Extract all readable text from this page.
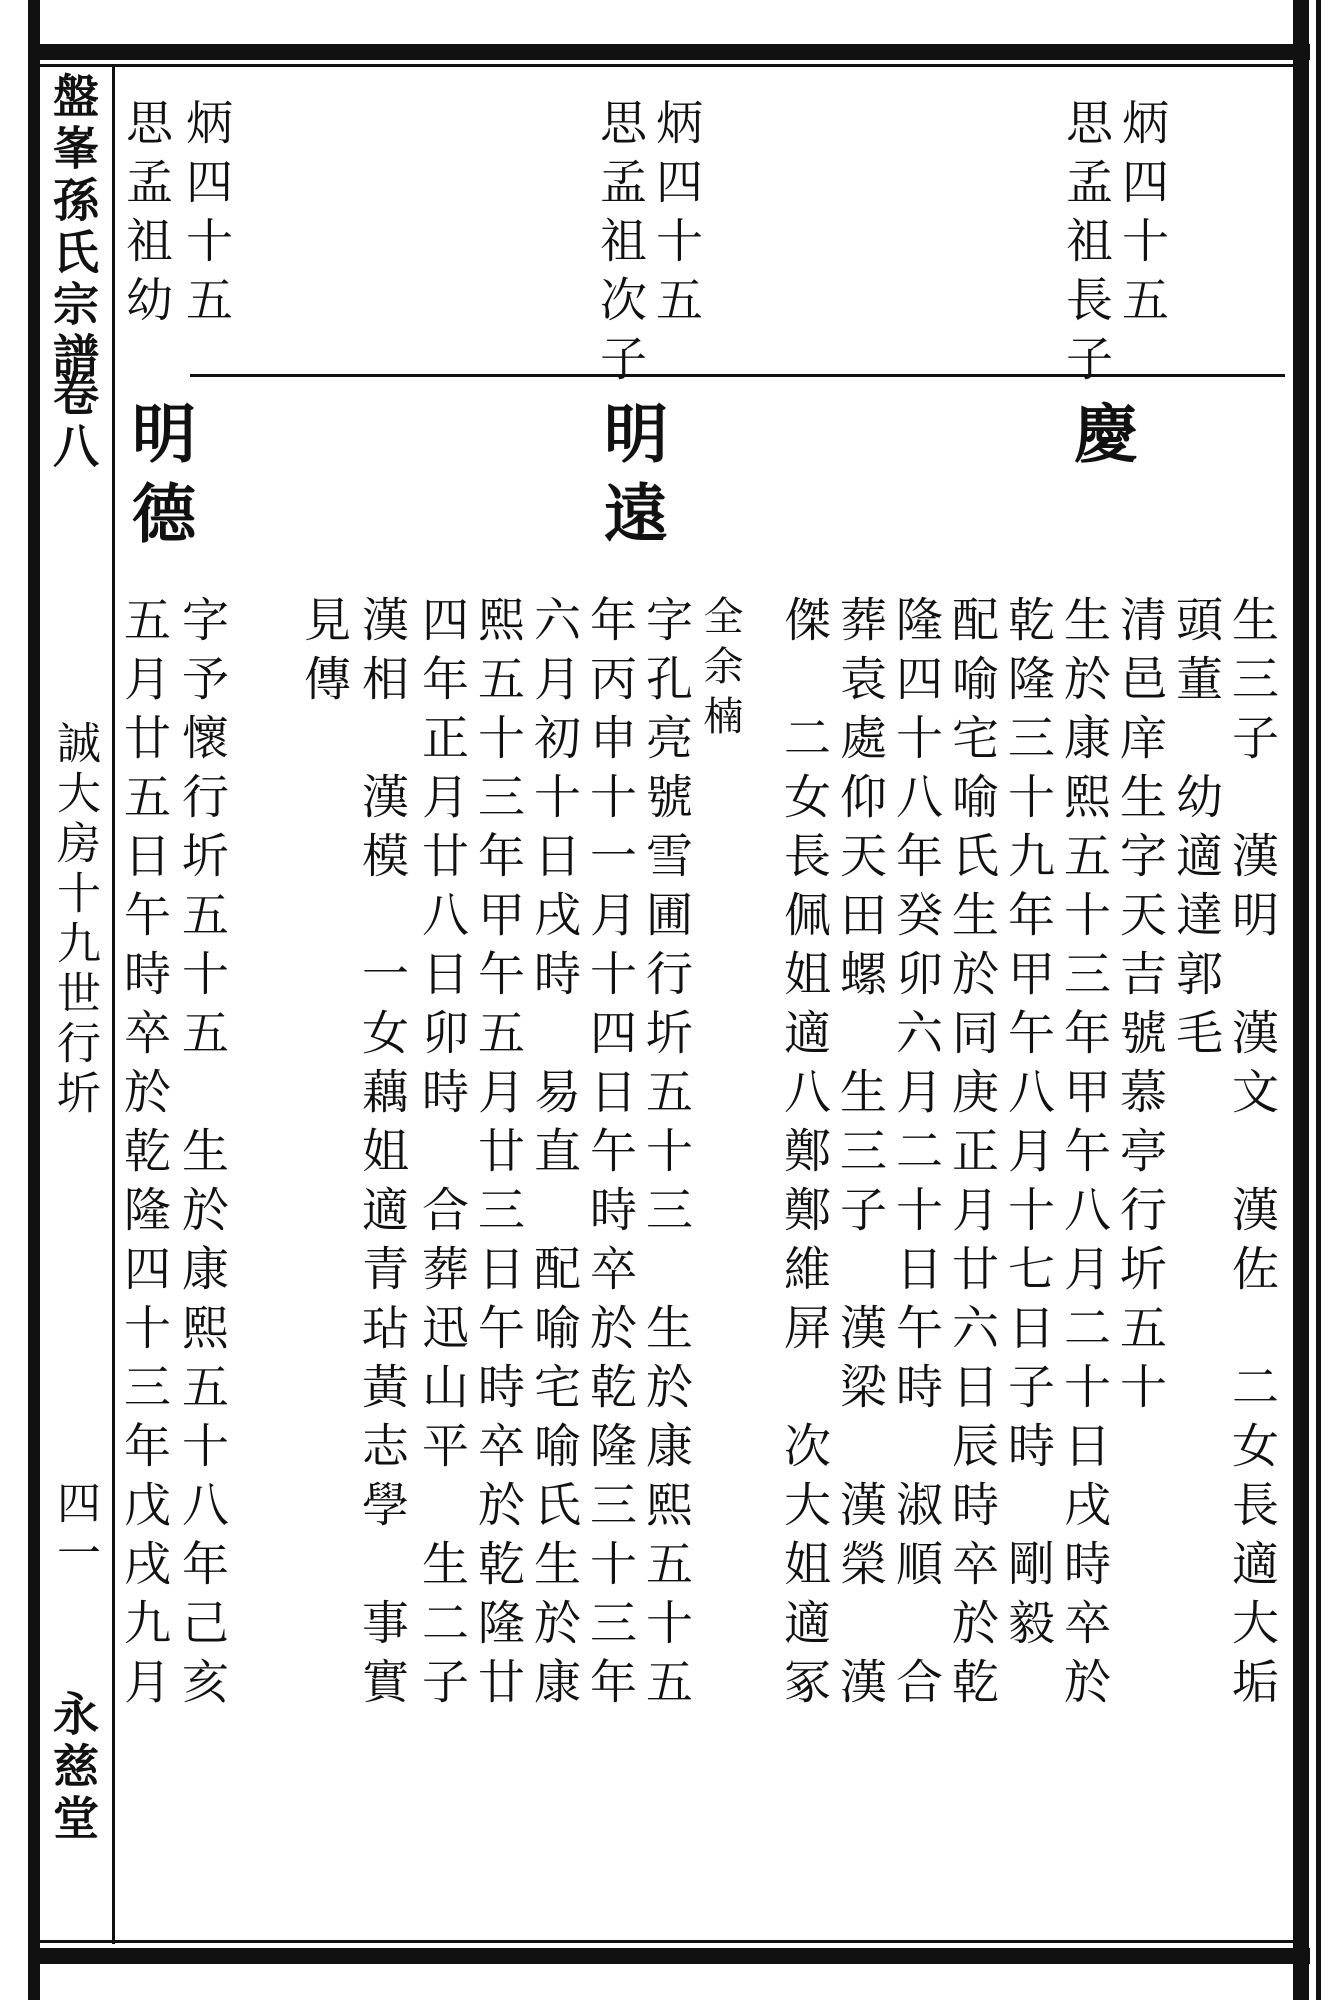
盤峯孫氏宗譜
卷八
誠大房十九世行圻
四一
永慈堂
炳四十五
思孟祖長子
炳四十五
思孟祖次子
炳四十五
思孟祖幼
慶
生三子　漢明　漢文　漢佐　二女長適大垢
頭董　幼適達郭毛
清邑庠生字天吉號慕亭行圻五十
生於康熙五十三年甲午八月二十日戌時卒於
乾隆三十九年甲午八月十七日子時　剛毅
配喻宅喻氏生於同庚正月廿六日辰時卒於乾
隆四十八年癸卯六月二十日午時　淑順　合
葬袁處仰天田螺　生三子　漢梁　漢榮　漢
傑　二女長佩姐適八鄭鄭維屏　次大姐適冢
明遠
全余楠
字孔亮號雪圃行圻五十三　生於康熙五十五
年丙申十一月十四日午時卒於乾隆三十三年
六月初十日戌時　易直　配喻宅喻氏生於康
熙五十三年甲午五月廿三日午時卒於乾隆廿
四年正月廿八日卯時　合葬迅山平　生二子
漢相　漢模　一女藕姐適青玷黃志學　事實
見傳
明德
字予懷行圻五十五　生於康熙五十八年己亥
五月廿五日午時卒於乾隆四十三年戊戌九月
